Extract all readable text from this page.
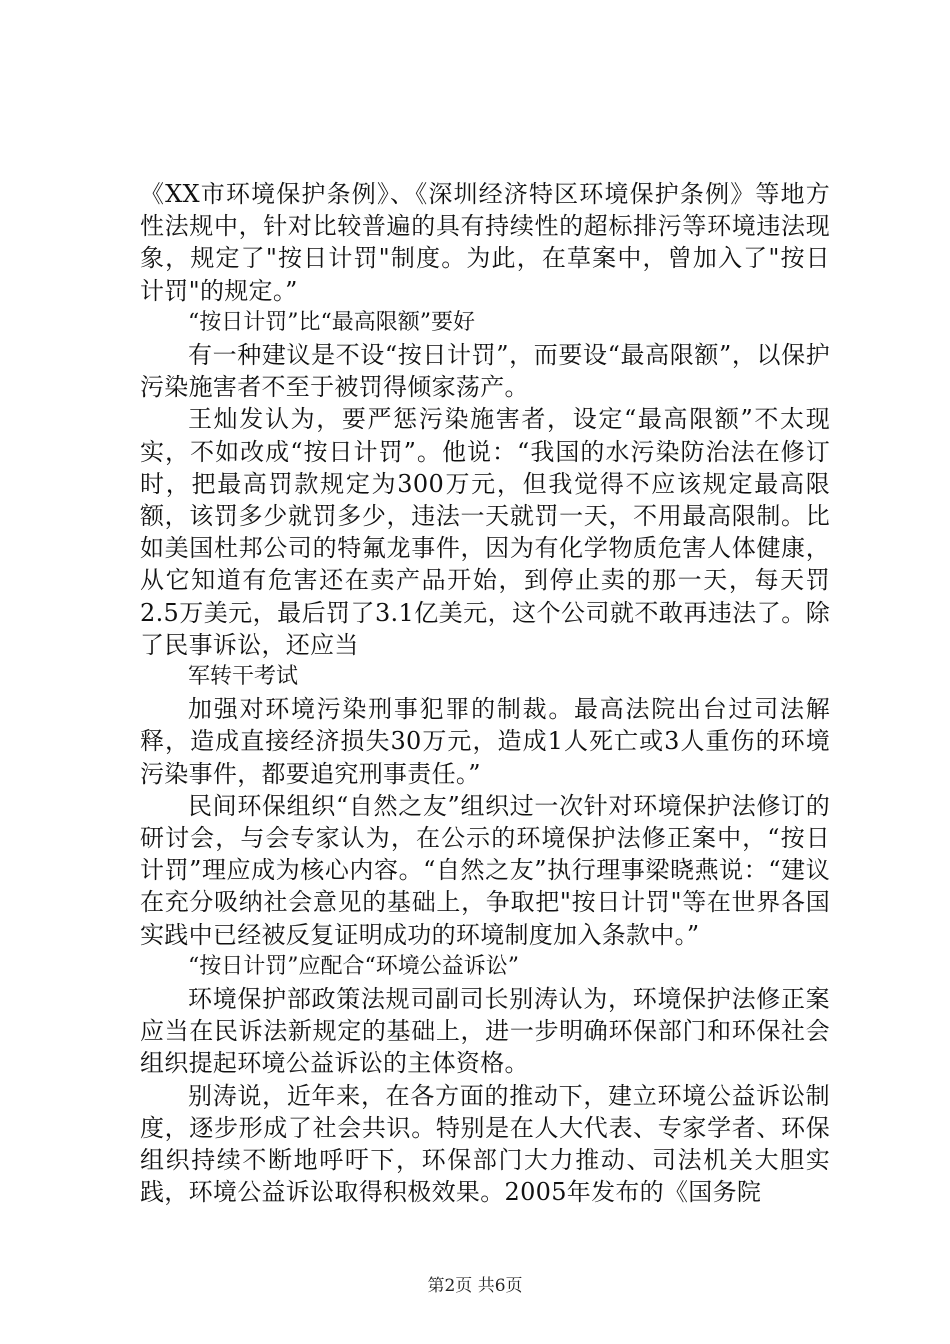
《XX市环境保护条例》、《深圳经济特区环境保护条例》等地方性法规中，针对比较普遍的具有持续性的超标排污等环境违法现象，规定了"按日计罚"制度。为此，在草案中，曾加入了"按日计罚"的规定。”

“按日计罚”比“最高限额”要好

有一种建议是不设“按日计罚”，而要设“最高限额”，以保护污染施害者不至于被罚得倾家荡产。

王灿发认为，要严惩污染施害者，设定“最高限额”不太现实，不如改成“按日计罚”。他说：“我国的水污染防治法在修订时，把最高罚款规定为300万元，但我觉得不应该规定最高限额，该罚多少就罚多少，违法一天就罚一天，不用最高限制。比如美国杜邦公司的特氟龙事件，因为有化学物质危害人体健康，从它知道有危害还在卖产品开始，到停止卖的那一天，每天罚2.5万美元，最后罚了3.1亿美元，这个公司就不敢再违法了。除了民事诉讼，还应当

军转干考试

加强对环境污染刑事犯罪的制裁。最高法院出台过司法解释，造成直接经济损失30万元，造成1人死亡或3人重伤的环境污染事件，都要追究刑事责任。”

民间环保组织“自然之友”组织过一次针对环境保护法修订的研讨会，与会专家认为，在公示的环境保护法修正案中，“按日计罚”理应成为核心内容。“自然之友”执行理事梁晓燕说：“建议在充分吸纳社会意见的基础上，争取把"按日计罚"等在世界各国实践中已经被反复证明成功的环境制度加入条款中。”

“按日计罚”应配合“环境公益诉讼”

环境保护部政策法规司副司长别涛认为，环境保护法修正案应当在民诉法新规定的基础上，进一步明确环保部门和环保社会组织提起环境公益诉讼的主体资格。

别涛说，近年来，在各方面的推动下，建立环境公益诉讼制度，逐步形成了社会共识。特别是在人大代表、专家学者、环保组织持续不断地呼吁下，环保部门大力推动、司法机关大胆实践，环境公益诉讼取得积极效果。2005年发布的《国务院

第2页 共6页
